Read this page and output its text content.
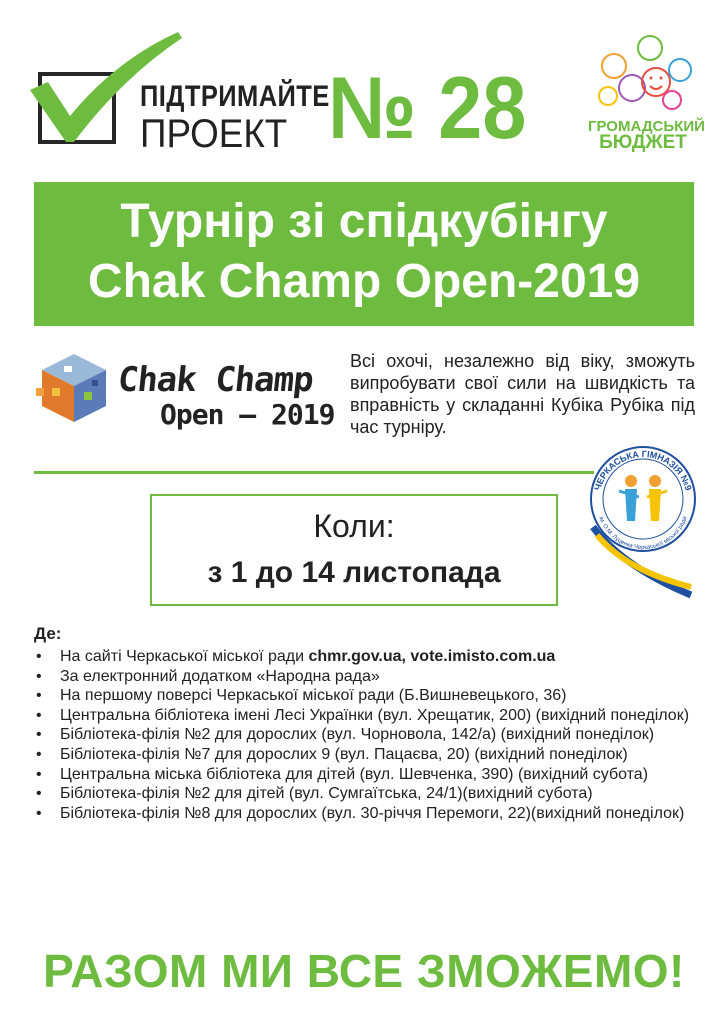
ПІДТРИМАЙТЕ
ПРОЕКТ № 28	ГРОМАДСЬКИЙ
БЮДЖЕТ
Турнір зі спідкубінгу
Chak Champ Open-2019
Chak Champ
Open – 2019
Всі охочі, незалежно від віку, зможуть випробувати свої сили на швидкість та вправність у складанні Кубіка Рубіка під час турніру.
ЧЕРКАСЬКА ГІМНАЗІЯ №9
ім. О.М. Луценка Черкаської міської ради
Коли:
з 1 до 14 листопада
Де:
• На сайті Черкаської міської ради chmr.gov.ua, vote.imisto.com.ua
• За електронний додатком «Народна рада»
• На першому поверсі Черкаської міської ради (Б.Вишневецького, 36)
• Центральна бібліотека імені Лесі Українки (вул. Хрещатик, 200) (вихідний понеділок)
• Бібліотека-філія №2 для дорослих (вул. Чорновола, 142/а) (вихідний понеділок)
• Бібліотека-філія №7 для дорослих 9 (вул. Пацаєва, 20) (вихідний понеділок)
• Центральна міська бібліотека для дітей (вул. Шевченка, 390) (вихідний субота)
• Бібліотека-філія №2 для дітей (вул. Сумгаїтська, 24/1)(вихідний субота)
• Бібліотека-філія №8 для дорослих (вул. 30-річчя Перемоги, 22)(вихідний понеділок)
РАЗОМ МИ ВСЕ ЗМОЖЕМО!
